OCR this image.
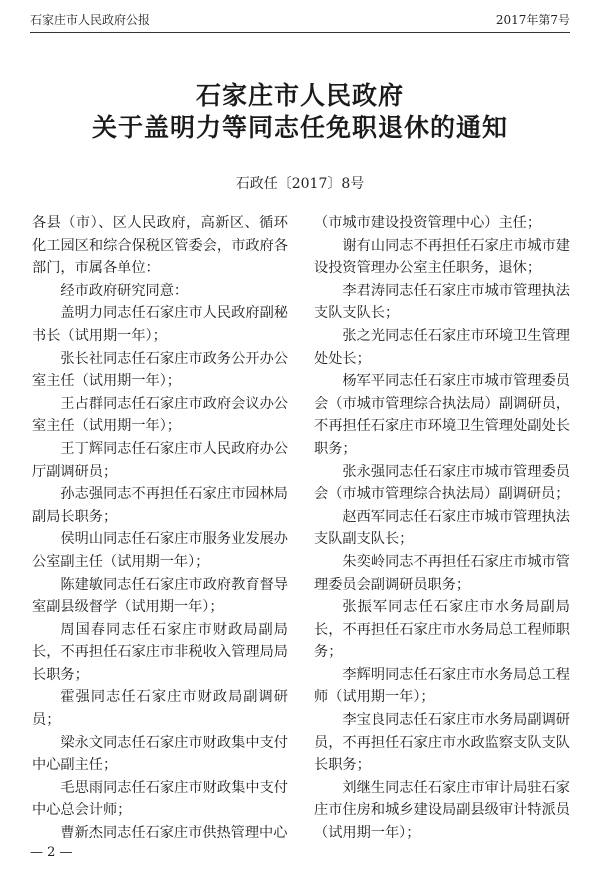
石家庄市人民政府公报	2017年第7号
石家庄市人民政府
关于盖明力等同志任免职退休的通知
石政任〔2017〕8号

各县（市）、区人民政府，高新区、循环化工园区和综合保税区管委会，市政府各部门，市属各单位：

经市政府研究同意：

盖明力同志任石家庄市人民政府副秘书长（试用期一年）；

张长社同志任石家庄市政务公开办公室主任（试用期一年）；

王占群同志任石家庄市政府会议办公室主任（试用期一年）；

王丁辉同志任石家庄市人民政府办公厅副调研员；

孙志强同志不再担任石家庄市园林局副局长职务；

侯明山同志任石家庄市服务业发展办公室副主任（试用期一年）；

陈建敏同志任石家庄市政府教育督导室副县级督学（试用期一年）；

周国春同志任石家庄市财政局副局长，不再担任石家庄市非税收入管理局局长职务；

霍强同志任石家庄市财政局副调研员；

梁永文同志任石家庄市财政集中支付中心副主任；

毛思雨同志任石家庄市财政集中支付中心总会计师；

曹新杰同志任石家庄市供热管理中心

（市城市建设投资管理中心）主任；

谢有山同志不再担任石家庄市城市建设投资管理办公室主任职务，退休；

李君涛同志任石家庄市城市管理执法支队支队长；

张之光同志任石家庄市环境卫生管理处处长；

杨军平同志任石家庄市城市管理委员会（市城市管理综合执法局）副调研员，不再担任石家庄市环境卫生管理处副处长职务；

张永强同志任石家庄市城市管理委员会（市城市管理综合执法局）副调研员；

赵西军同志任石家庄市城市管理执法支队副支队长；

朱奕岭同志不再担任石家庄市城市管理委员会副调研员职务；

张振军同志任石家庄市水务局副局长，不再担任石家庄市水务局总工程师职务；

李辉明同志任石家庄市水务局总工程师（试用期一年）；

李宝良同志任石家庄市水务局副调研员，不再担任石家庄市水政监察支队支队长职务；

刘继生同志任石家庄市审计局驻石家庄市住房和城乡建设局副县级审计特派员（试用期一年）；

— 2 —
